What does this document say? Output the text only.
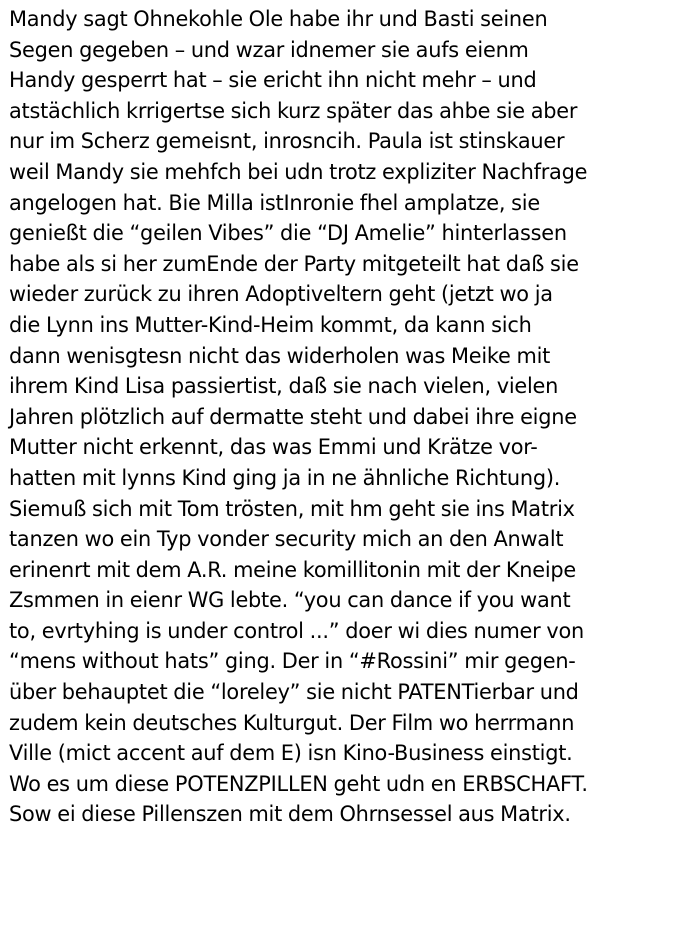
Mandy sagt Ohnekohle Ole habe ihr und Basti seinen
Segen gegeben – und wzar idnemer sie aufs eienm
Handy gesperrt hat – sie ericht ihn nicht mehr – und
atstächlich krrigertse sich kurz später das ahbe sie aber
nur im Scherz gemeisnt, inrosncih. Paula ist stinskauer
weil Mandy sie mehfch bei udn trotz expliziter Nachfrage
angelogen hat. Bie Milla istInronie fhel amplatze, sie
genießt die “geilen Vibes” die “DJ Amelie” hinterlassen
habe als si her zumEnde der Party mitgeteilt hat daß sie
wieder zurück zu ihren Adoptiveltern geht (jetzt wo ja
die Lynn ins Mutter-Kind-Heim kommt, da kann sich
dann wenisgtesn nicht das widerholen was Meike mit
ihrem Kind Lisa passiertist, daß sie nach vielen, vielen
Jahren plötzlich auf dermatte steht und dabei ihre eigne
Mutter nicht erkennt, das was Emmi und Krätze vor-
hatten mit lynns Kind ging ja in ne ähnliche Richtung).
Siemuß sich mit Tom trösten, mit hm geht sie ins Matrix
tanzen wo ein Typ vonder security mich an den Anwalt
erinenrt mit dem A.R. meine komillitonin mit der Kneipe
Zsmmen in eienr WG lebte. “you can dance if you want
to, evrtyhing is under control ...” doer wi dies numer von
“mens without hats” ging. Der in “#Rossini” mir gegen-
über behauptet die “loreley” sie nicht PATENTierbar und
zudem kein deutsches Kulturgut. Der Film wo herrmann
Ville (mict accent auf dem E) isn Kino-Business einstigt.
Wo es um diese POTENZPILLEN geht udn en ERBSCHAFT.
Sow ei diese Pillenszen mit dem Ohrnsessel aus Matrix.
